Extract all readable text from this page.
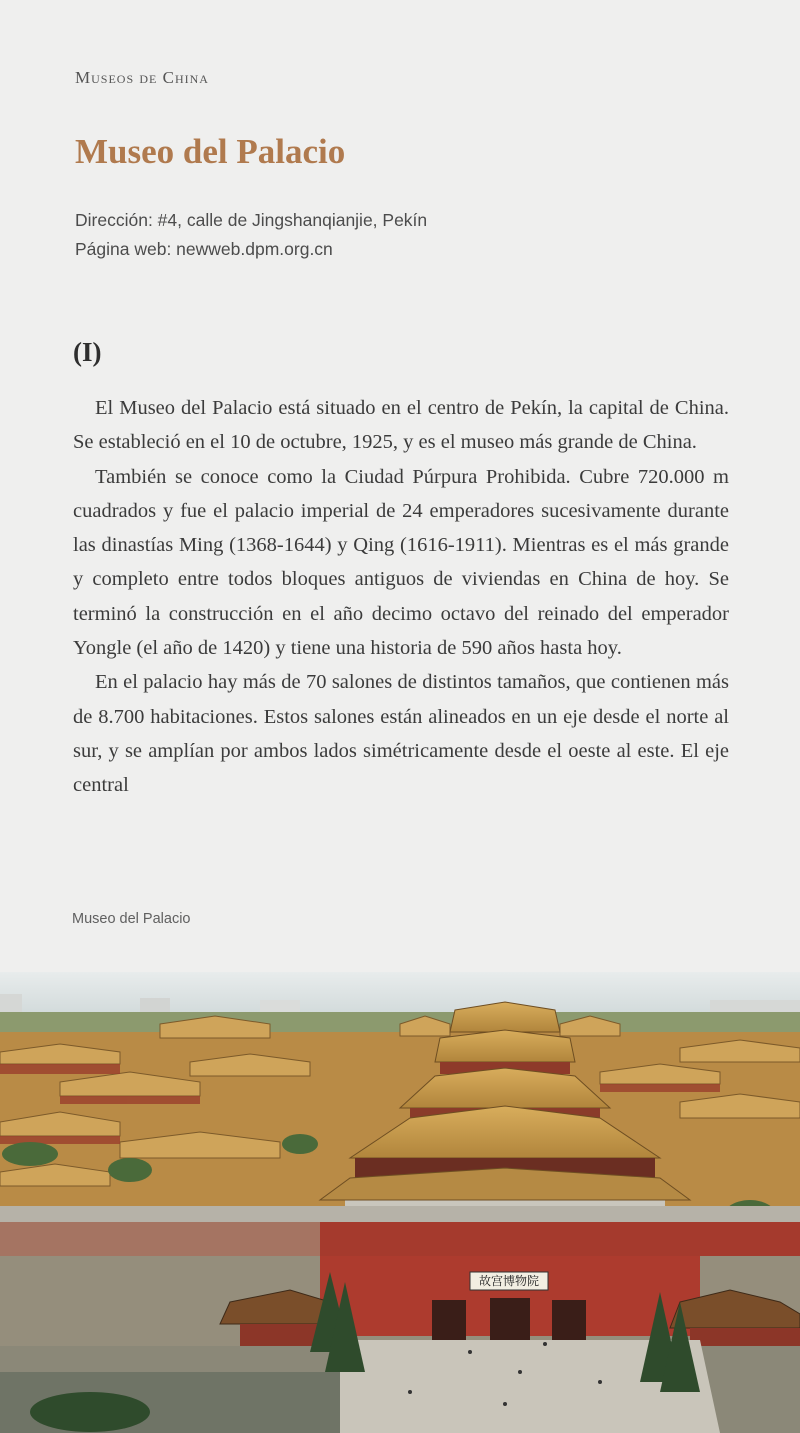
Museos de China
Museo del Palacio
Dirección: #4, calle de Jingshanqianjie, Pekín
Página web: newweb.dpm.org.cn
(I)

El Museo del Palacio está situado en el centro de Pekín, la capital de China. Se estableció en el 10 de octubre, 1925, y es el museo más grande de China.

También se conoce como la Ciudad Púrpura Prohibida. Cubre 720.000 m cuadrados y fue el palacio imperial de 24 emperadores sucesivamente durante las dinastías Ming (1368-1644) y Qing (1616-1911). Mientras es el más grande y completo entre todos bloques antiguos de viviendas en China de hoy. Se terminó la construcción en el año decimo octavo del reinado del emperador Yongle (el año de 1420) y tiene una historia de 590 años hasta hoy.

En el palacio hay más de 70 salones de distintos tamaños, que contienen más de 8.700 habitaciones. Estos salones están alineados en un eje desde el norte al sur, y se amplían por ambos lados simétricamente desde el oeste al este. El eje central

Museo del Palacio
故宫博物院
